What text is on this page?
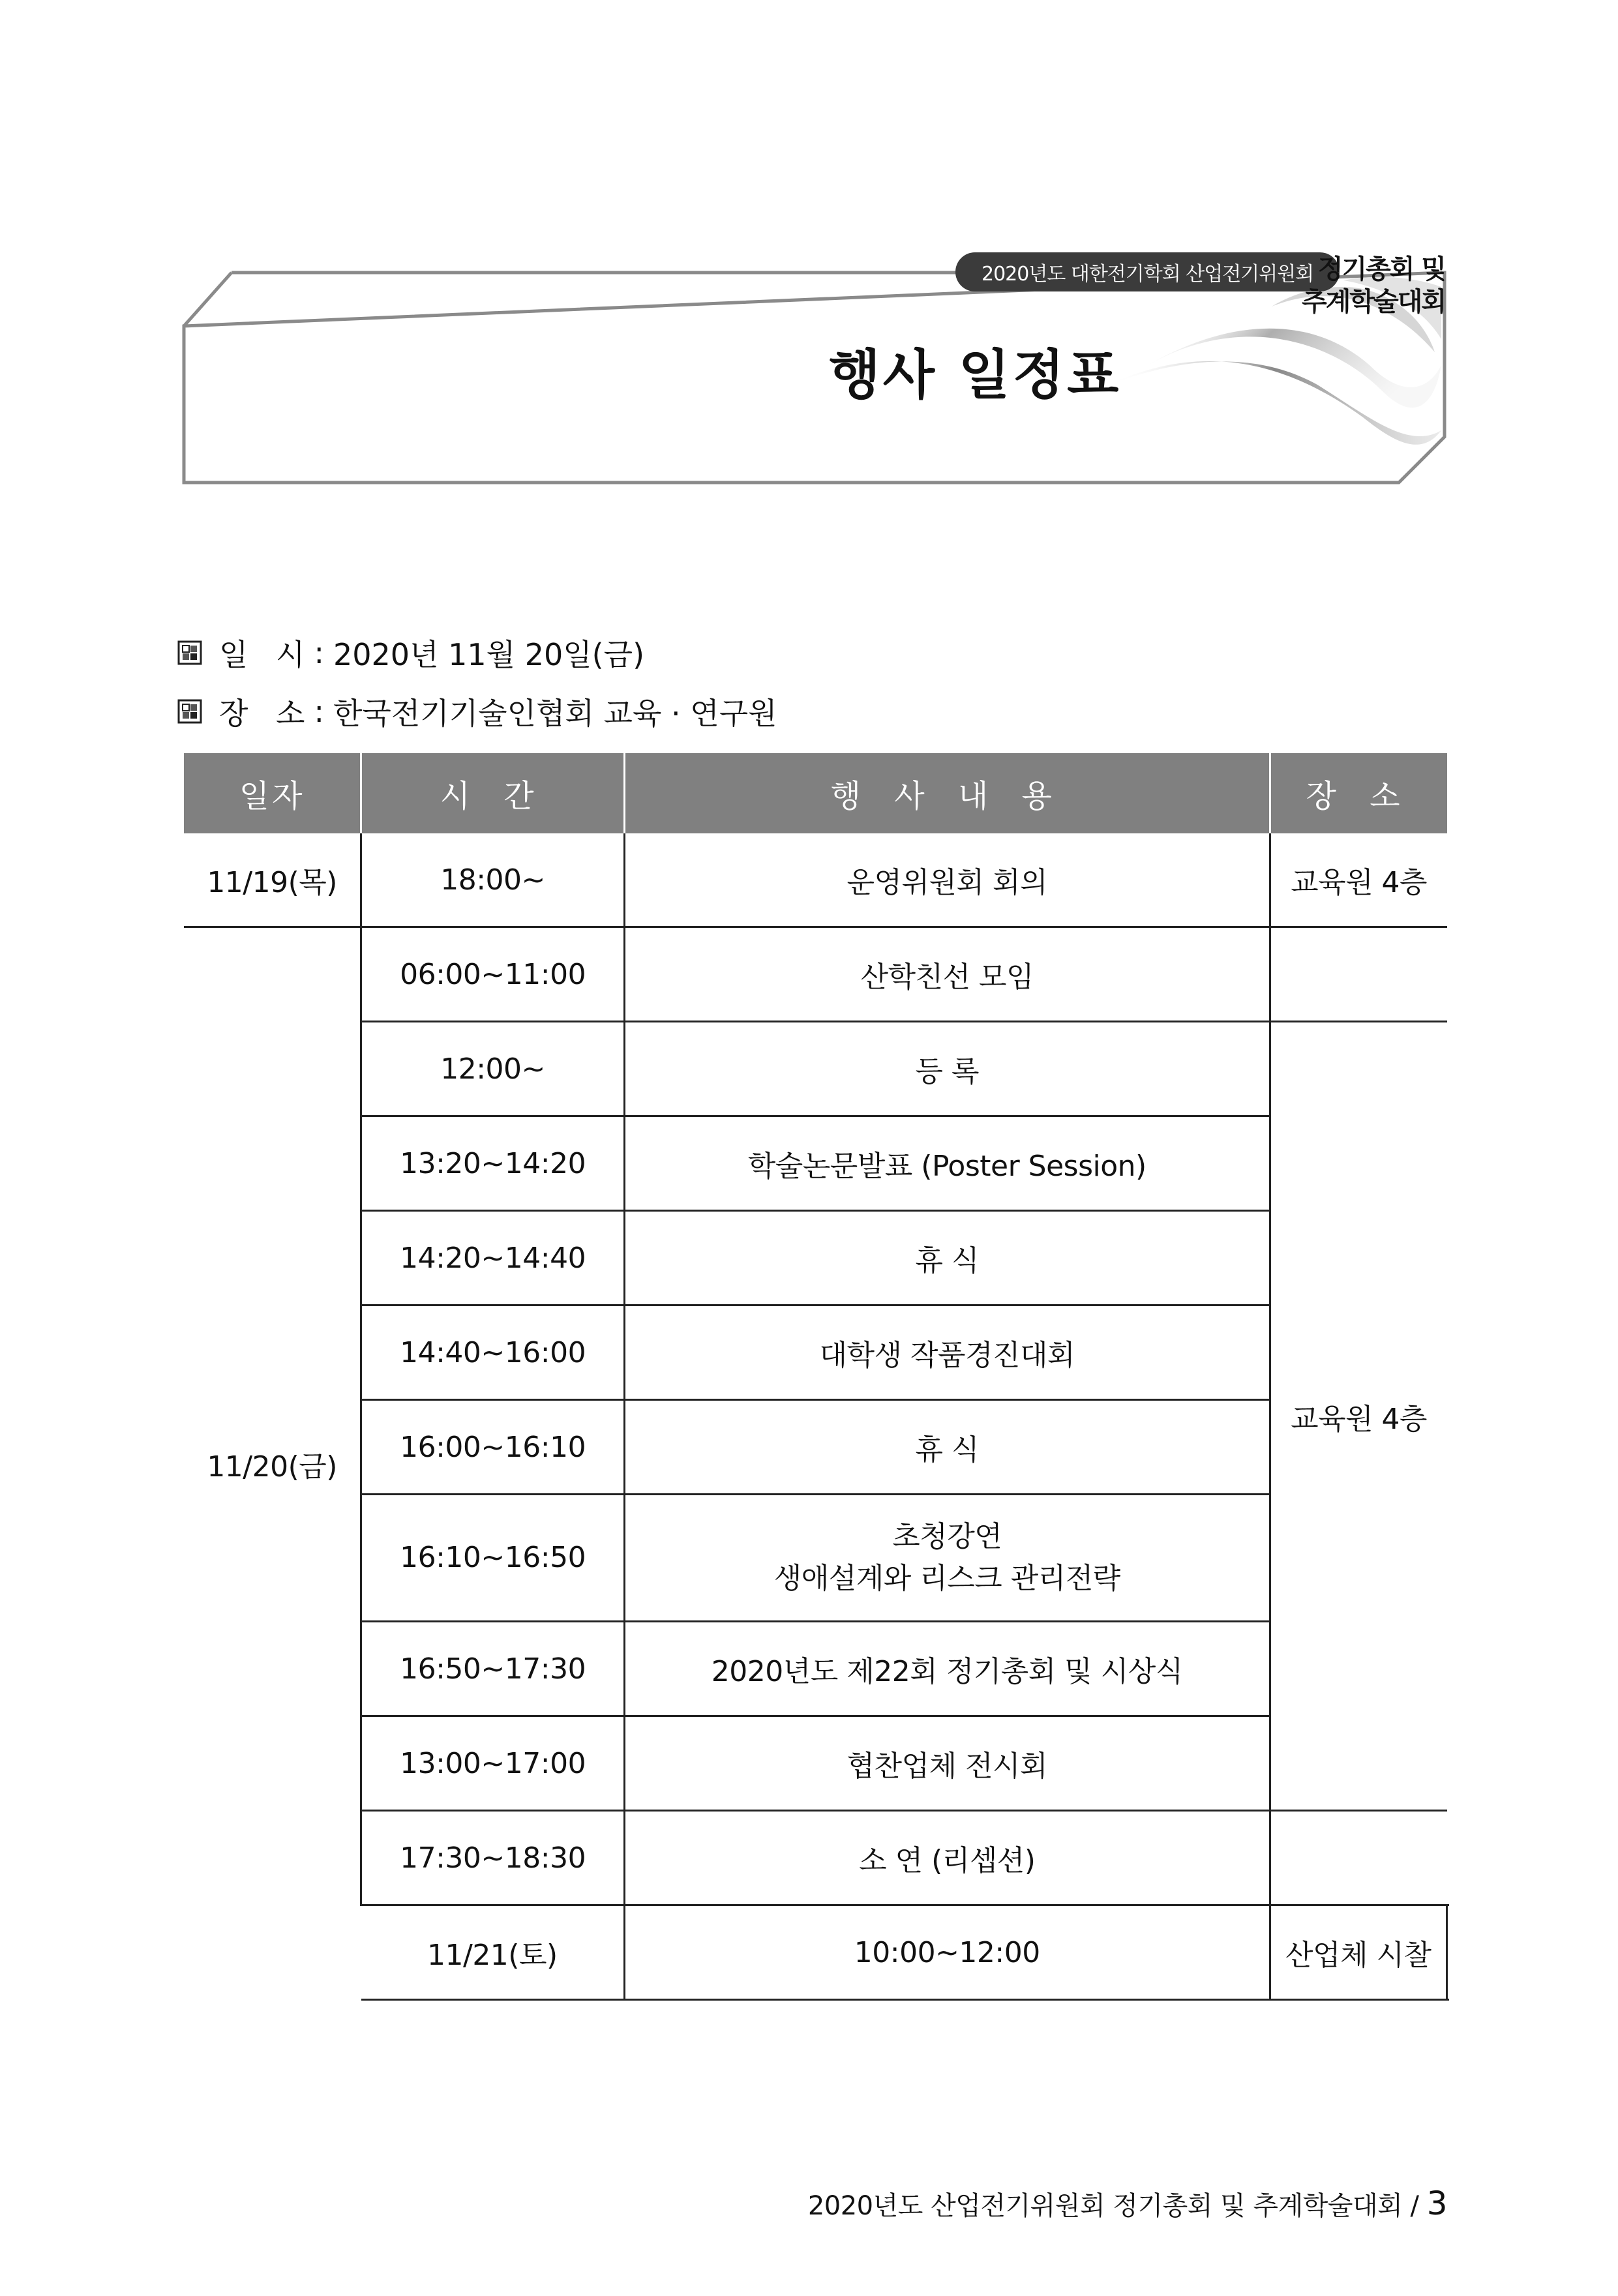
2020년도 대한전기학회 산업전기위원회 정기총회 및
추계학술대회
행사 일정표
일 시 : 2020년 11월 20일(금)
장 소 : 한국전기기술인협회 교육 · 연구원
일자	시 간	행 사 내 용	장 소	
11/19(목)	18:00~	운영위원회 회의	교육원 4층	
11/20(금)	06:00~11:00	산학친선 모임		
	12:00~	등 록	교육원 4층	
	13:20~14:20	학술논문발표 (Poster Session)		
	14:20~14:40	휴 식		
	14:40~16:00	대학생 작품경진대회		
	16:00~16:10	휴 식		
	16:10~16:50	초청강연
생애설계와 리스크 관리전략		

	16:50~17:30	2020년도 제22회 정기총회 및 시상식		
	13:00~17:00	협찬업체 전시회		
	17:30~18:30	소 연 (리셉션)		
	11/21(토)	10:00~12:00	산업체 시찰	
2020년도 산업전기위원회 정기총회 및 추계학술대회 / 3
